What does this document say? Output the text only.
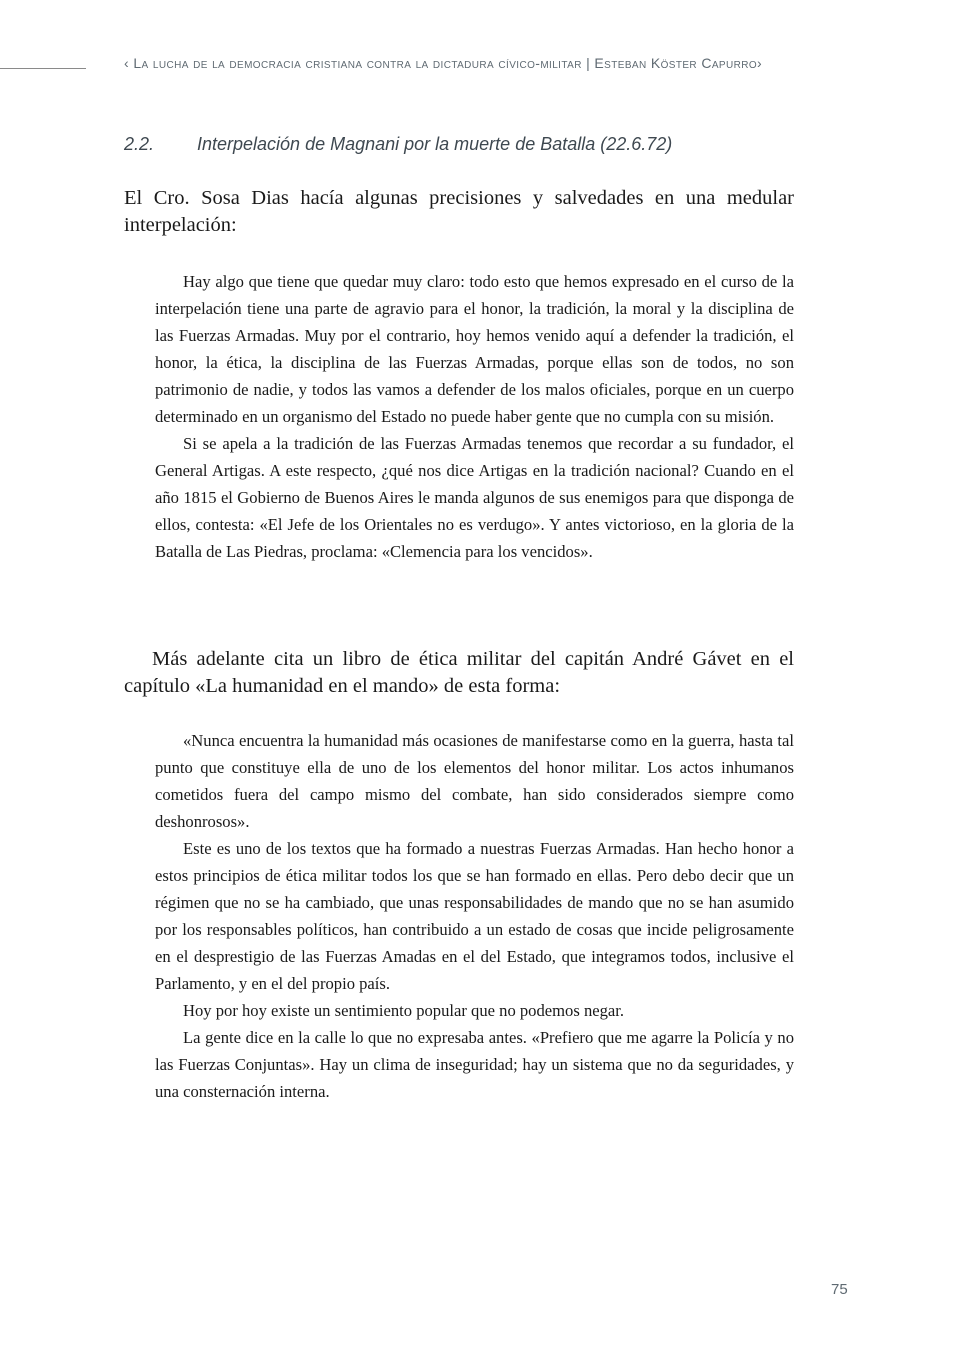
‹ La lucha de la democracia cristiana contra la dictadura cívico-militar | Esteban Köster Capurro›
2.2.	Interpelación de Magnani por la muerte de Batalla (22.6.72)
El Cro. Sosa Dias hacía algunas precisiones y salvedades en una medular interpelación:

Hay algo que tiene que quedar muy claro: todo esto que hemos expresado en el curso de la interpelación tiene una parte de agravio para el honor, la tradición, la moral y la disciplina de las Fuerzas Armadas. Muy por el contrario, hoy hemos venido aquí a defender la tradición, el honor, la ética, la disciplina de las Fuerzas Armadas, porque ellas son de todos, no son patrimonio de nadie, y todos las vamos a defender de los malos oficiales, porque en un cuerpo determinado en un organismo del Estado no puede haber gente que no cumpla con su misión.

Si se apela a la tradición de las Fuerzas Armadas tenemos que recordar a su fundador, el General Artigas. A este respecto, ¿qué nos dice Artigas en la tradición nacional? Cuando en el año 1815 el Gobierno de Buenos Aires le manda algunos de sus enemigos para que disponga de ellos, contesta: «El Jefe de los Orientales no es verdugo». Y antes victorioso, en la gloria de la Batalla de Las Piedras, proclama: «Clemencia para los vencidos».

Más adelante cita un libro de ética militar del capitán André Gávet en el capítulo «La humanidad en el mando» de esta forma:

«Nunca encuentra la humanidad más ocasiones de manifestarse como en la guerra, hasta tal punto que constituye ella de uno de los elementos del honor militar. Los actos inhumanos cometidos fuera del campo mismo del combate, han sido considerados siempre como deshonrosos».

Este es uno de los textos que ha formado a nuestras Fuerzas Armadas. Han hecho honor a estos principios de ética militar todos los que se han formado en ellas. Pero debo decir que un régimen que no se ha cambiado, que unas responsabilidades de mando que no se han asumido por los responsables políticos, han contribuido a un estado de cosas que incide peligrosamente en el desprestigio de las Fuerzas Amadas en el del Estado, que integramos todos, inclusive el Parlamento, y en el del propio país.

Hoy por hoy existe un sentimiento popular que no podemos negar.

La gente dice en la calle lo que no expresaba antes. «Prefiero que me agarre la Policía y no las Fuerzas Conjuntas». Hay un clima de inseguridad; hay un sistema que no da seguridades, y una consternación interna.

75
